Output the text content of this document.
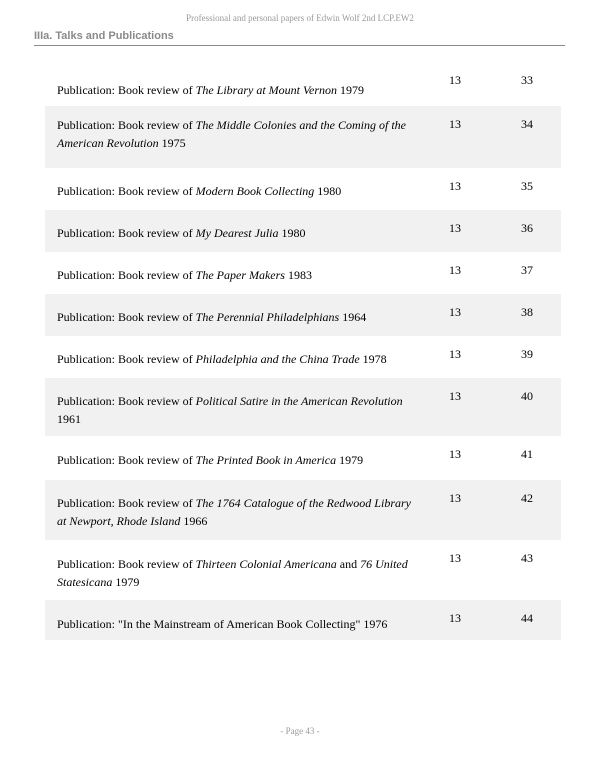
Professional and personal papers of Edwin Wolf 2nd LCP.EW2
IIIa. Talks and Publications
Publication: Book review of The Library at Mount Vernon 1979
13	33
Publication: Book review of The Middle Colonies and the Coming of the American Revolution 1975
13	34
Publication: Book review of Modern Book Collecting 1980	13	35
Publication: Book review of My Dearest Julia 1980	13	36
Publication: Book review of The Paper Makers 1983	13	37
Publication: Book review of The Perennial Philadelphians 1964	13	38
Publication: Book review of Philadelphia and the China Trade 1978	13	39
Publication: Book review of Political Satire in the American Revolution 1961
13	40
Publication: Book review of The Printed Book in America 1979	13	41
Publication: Book review of The 1764 Catalogue of the Redwood Library at Newport, Rhode Island 1966
13	42
Publication: Book review of Thirteen Colonial Americana and 76 United Statesicana 1979
13	43
Publication: "In the Mainstream of American Book Collecting" 1976	13	44
- Page 43 -
